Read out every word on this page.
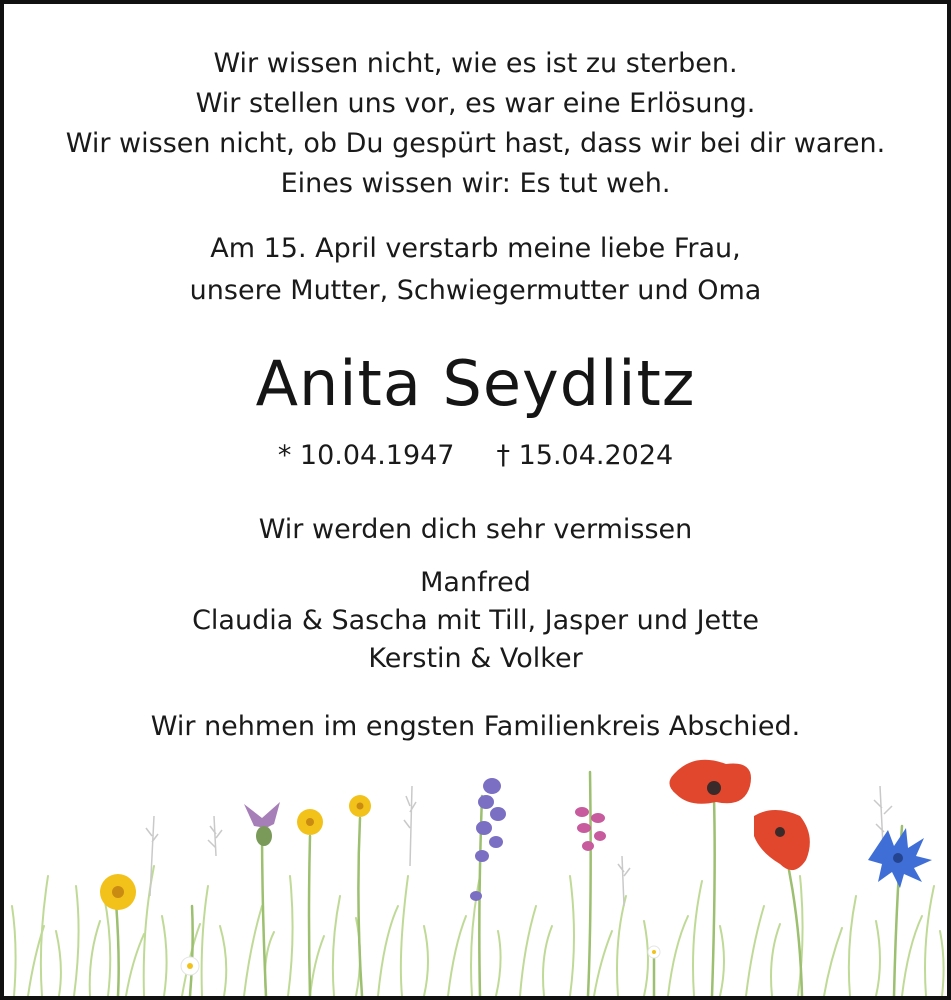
Wir wissen nicht, wie es ist zu sterben.
Wir stellen uns vor, es war eine Erlösung.
Wir wissen nicht, ob Du gespürt hast, dass wir bei dir waren.
Eines wissen wir: Es tut weh.
Am 15. April verstarb meine liebe Frau,
unsere Mutter, Schwiegermutter und Oma
Anita Seydlitz
* 10.04.1947 † 15.04.2024
Wir werden dich sehr vermissen
Manfred
Claudia & Sascha mit Till, Jasper und Jette
Kerstin & Volker
Wir nehmen im engsten Familienkreis Abschied.
